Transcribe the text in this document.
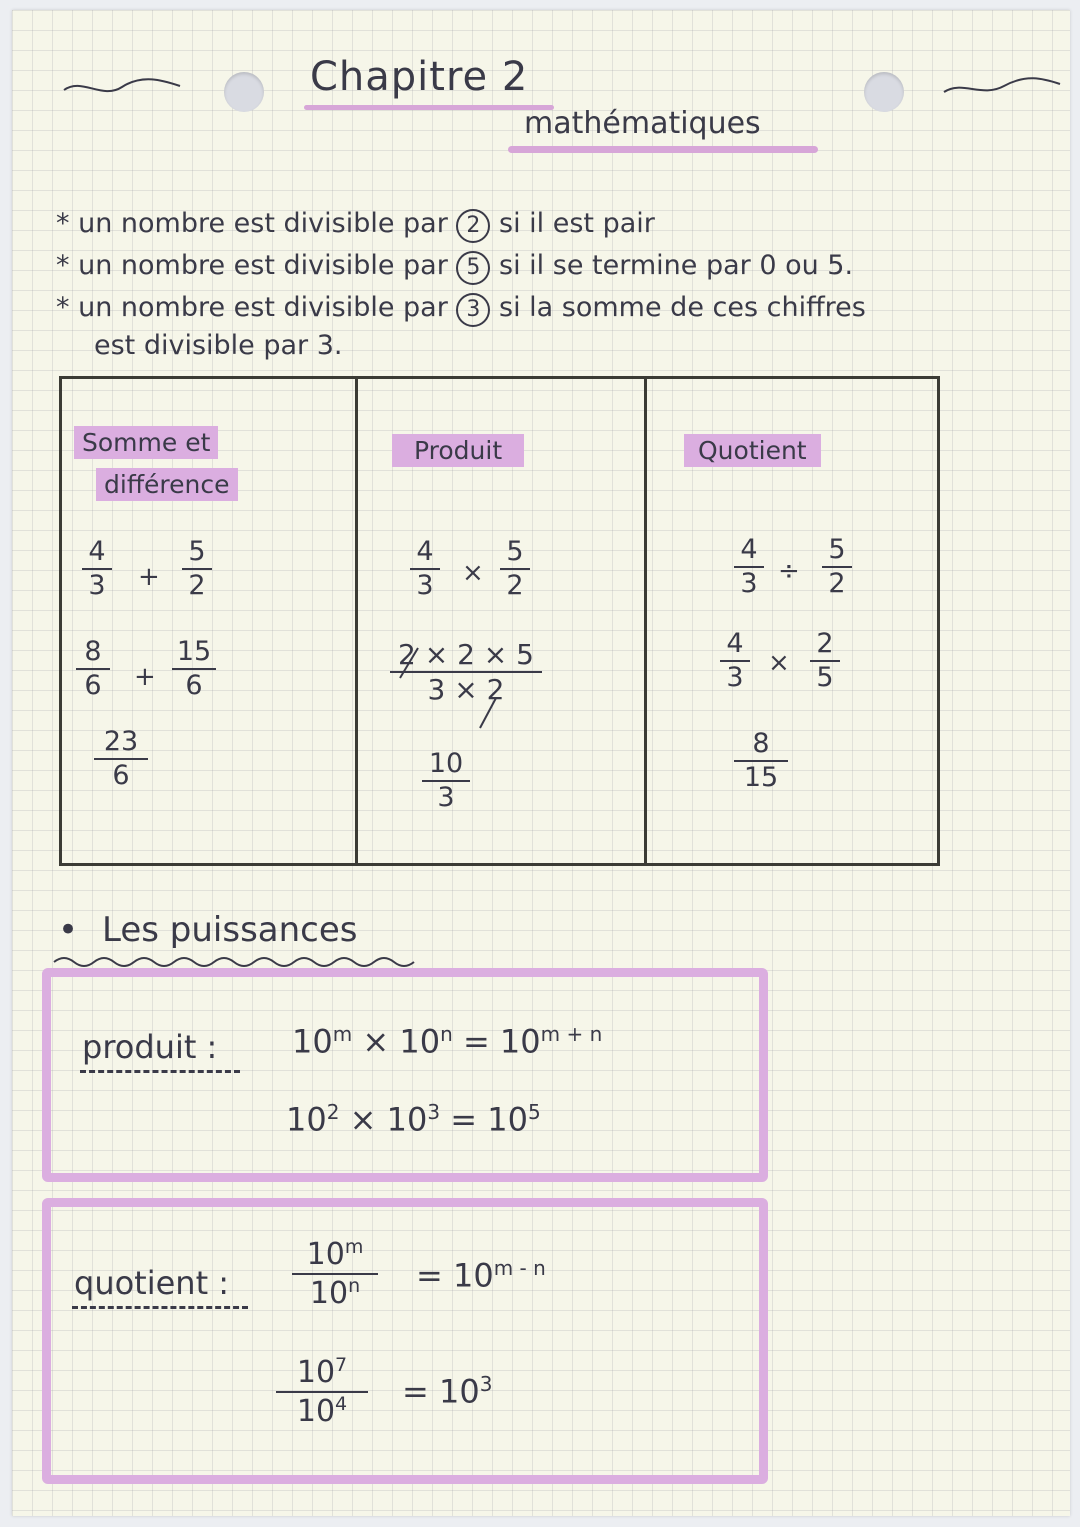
Chapitre 2
mathématiques
* un nombre est divisible par 2 si il est pair
* un nombre est divisible par 5 si il se termine par 0 ou 5.
* un nombre est divisible par 3 si la somme de ces chiffres
est divisible par 3.
Somme et
différence
4
3 +
5
2
8
6 +
15
6
23
6
Produit
4
3 ×
5
2
2 × 2 × 5
3 × 2
10
3
Quotient
4
3 ÷
5
2
4
3 ×
2
5
8
15
• Les puissances
produit : $10^m \times 10^n = 10^{m + n}$
$10^2 \times 10^3 = 10^5$
quotient :
10$^m$
$10^n = 10^{m - n}$
$10^7$
$10^4 = 10^3$
